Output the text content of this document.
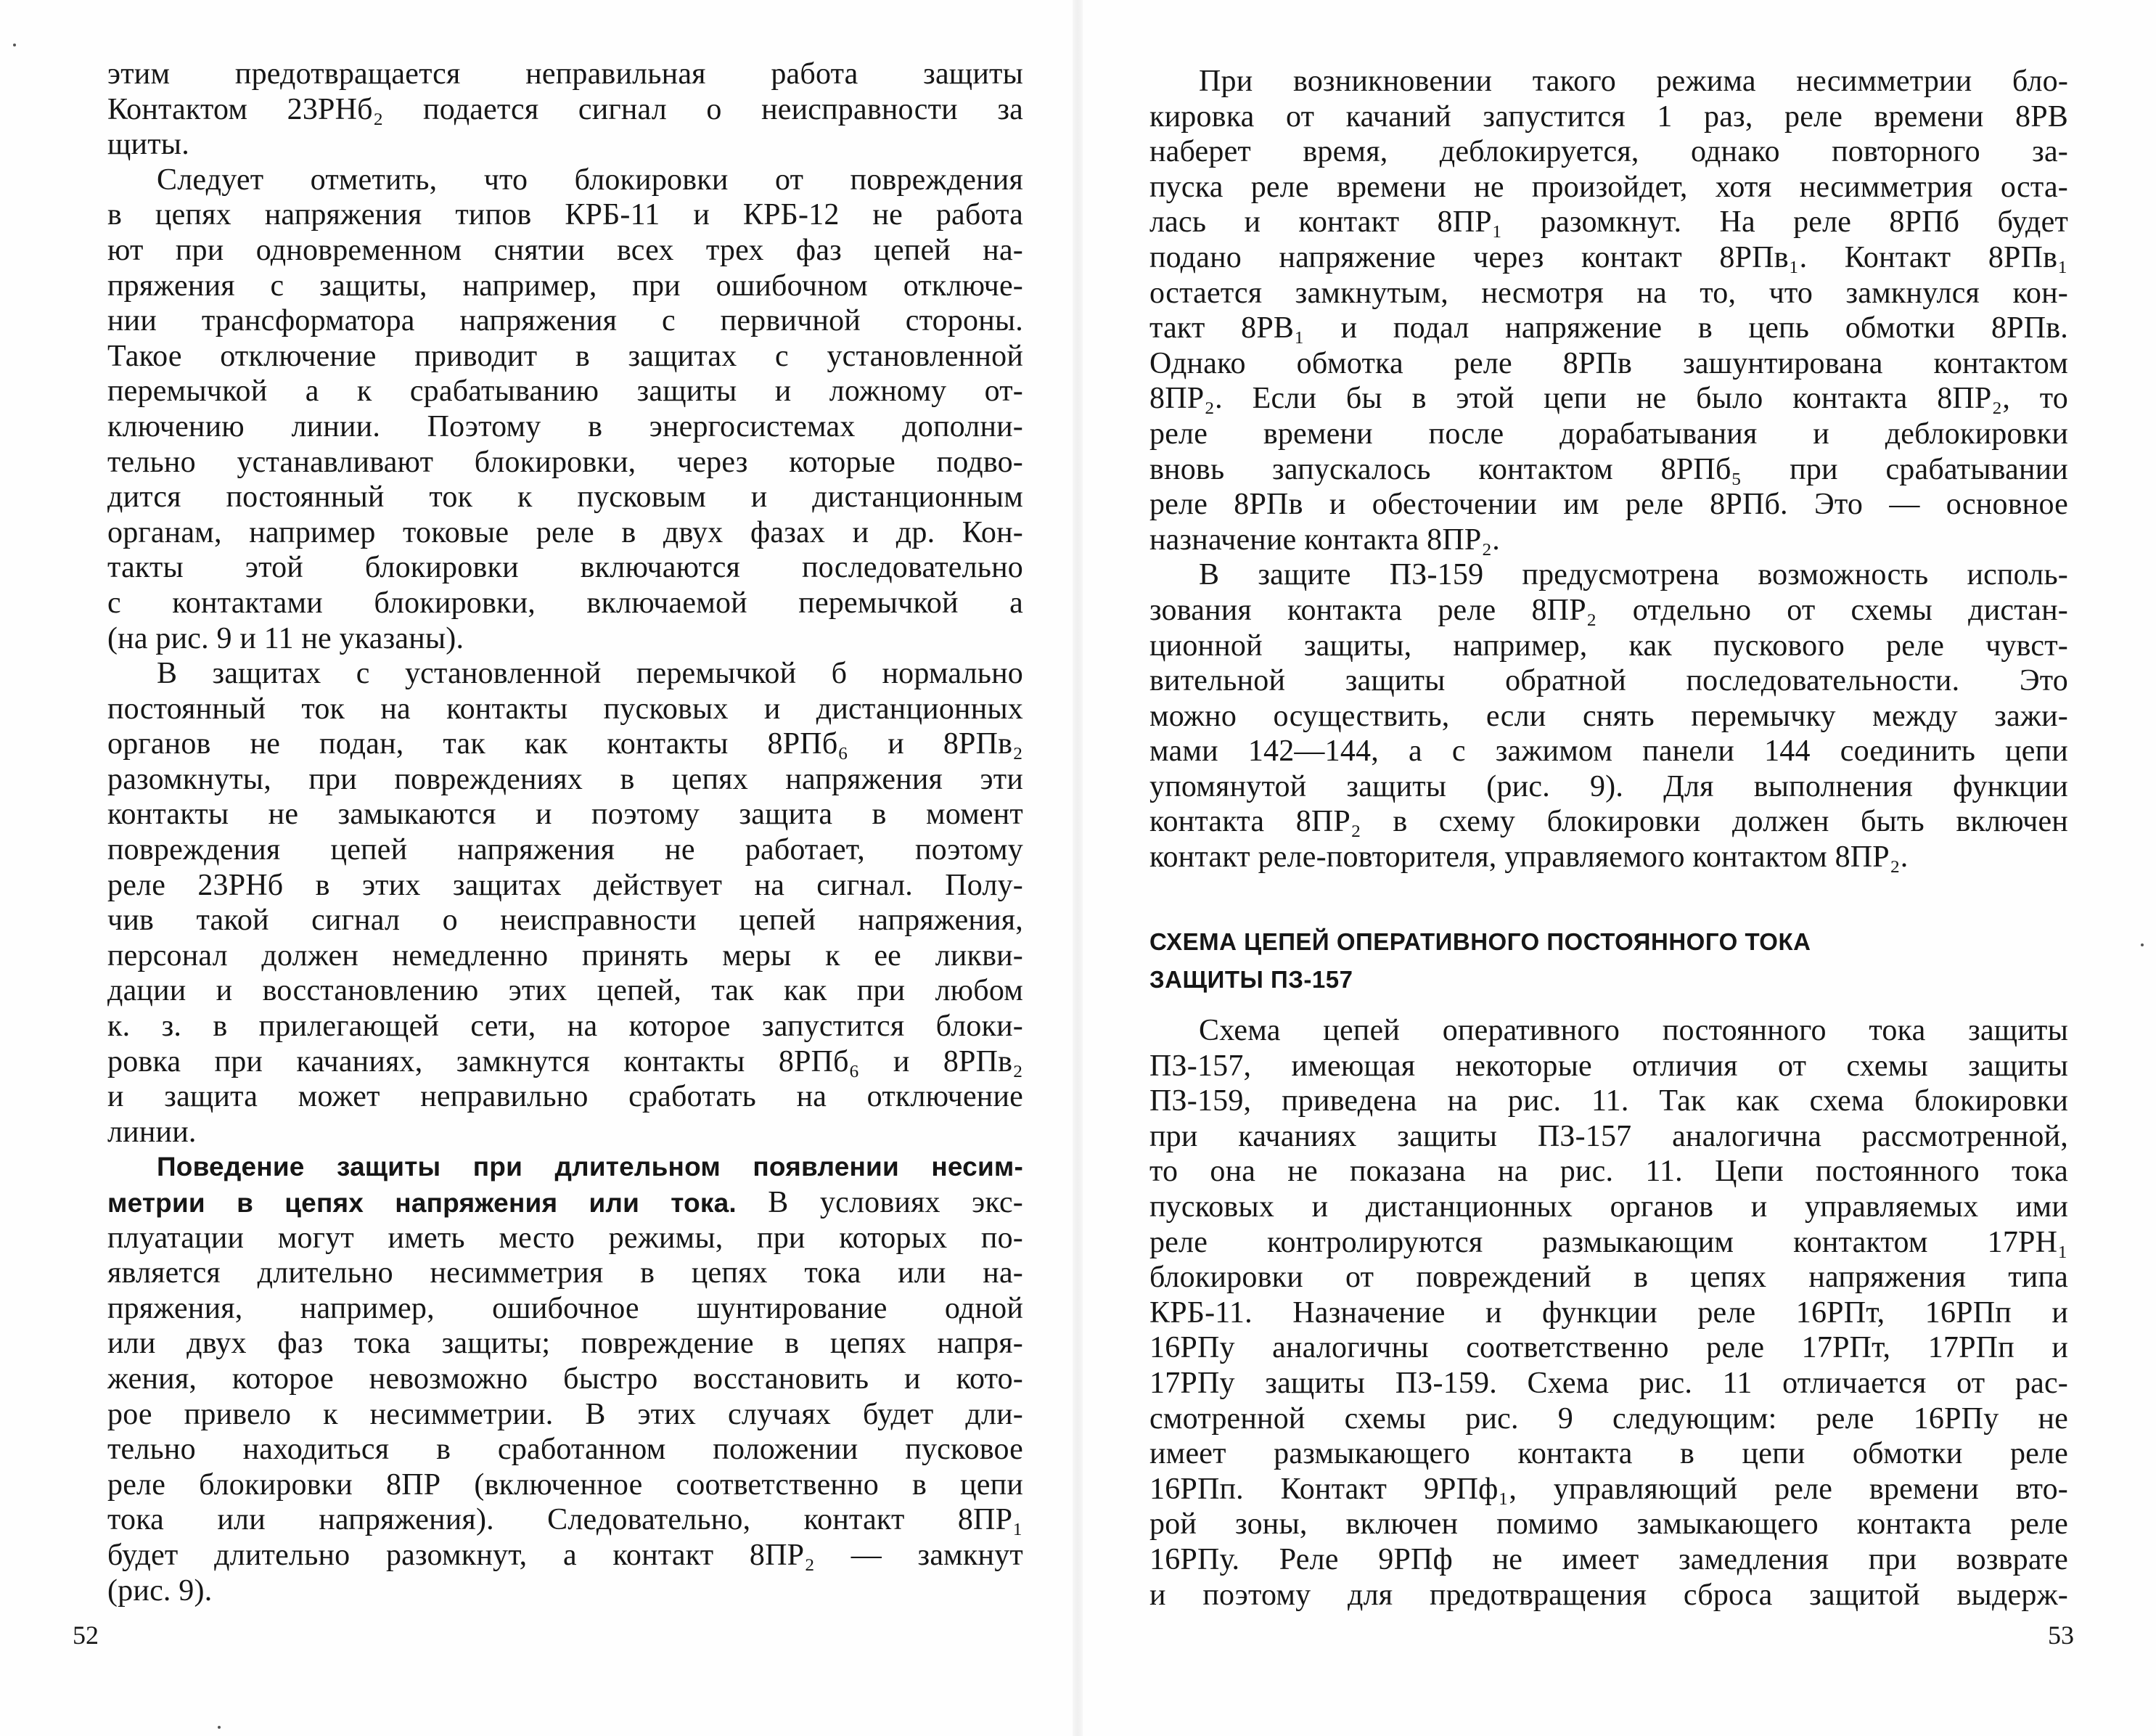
этим предотвращается неправильная работа защиты
Контактом 23РНб₂ подается сигнал о неисправности за
щиты.
Следует отметить, что блокировки от повреждения
в цепях напряжения типов КРБ-11 и КРБ-12 не работа
ют при одновременном снятии всех трех фаз цепей на-
пряжения с защиты, например, при ошибочном отключе-
нии трансформатора напряжения с первичной стороны.
Такое отключение приводит в защитах с установленной
перемычкой а к срабатыванию защиты и ложному от-
ключению линии. Поэтому в энергосистемах дополни-
тельно устанавливают блокировки, через которые подво-
дится постоянный ток к пусковым и дистанционным
органам, например токовые реле в двух фазах и др. Кон-
такты этой блокировки включаются последовательно
с контактами блокировки, включаемой перемычкой а
(на рис. 9 и 11 не указаны).
В защитах с установленной перемычкой б нормально
постоянный ток на контакты пусковых и дистанционных
органов не подан, так как контакты 8РПб₆ и 8РПв₂
разомкнуты, при повреждениях в цепях напряжения эти
контакты не замыкаются и поэтому защита в момент
повреждения цепей напряжения не работает, поэтому
реле 23РНб в этих защитах действует на сигнал. Полу-
чив такой сигнал о неисправности цепей напряжения,
персонал должен немедленно принять меры к ее ликви-
дации и восстановлению этих цепей, так как при любом
к. з. в прилегающей сети, на которое запустится блоки-
ровка при качаниях, замкнутся контакты 8РПб₆ и 8РПв₂
и защита может неправильно сработать на отключение
линии.
Поведение защиты при длительном появлении несим-
метрии в цепях напряжения или тока. В условиях экс-
плуатации могут иметь место режимы, при которых по-
является длительно несимметрия в цепях тока или на-
пряжения, например, ошибочное шунтирование одной
или двух фаз тока защиты; повреждение в цепях напря-
жения, которое невозможно быстро восстановить и кото-
рое привело к несимметрии. В этих случаях будет дли-
тельно находиться в сработанном положении пусковое
реле блокировки 8ПР (включенное соответственно в цепи
тока или напряжения). Следовательно, контакт 8ПР₁
будет длительно разомкнут, а контакт 8ПР₂ — замкнут
(рис. 9).
52
При возникновении такого режима несимметрии бло-
кировка от качаний запустится 1 раз, реле времени 8РВ
наберет время, деблокируется, однако повторного за-
пуска реле времени не произойдет, хотя несимметрия оста-
лась и контакт 8ПР₁ разомкнут. На реле 8РПб будет
подано напряжение через контакт 8РПв₁. Контакт 8РПв₁
остается замкнутым, несмотря на то, что замкнулся кон-
такт 8РВ₁ и подал напряжение в цепь обмотки 8РПв.
Однако обмотка реле 8РПв зашунтирована контактом
8ПР₂. Если бы в этой цепи не было контакта 8ПР₂, то
реле времени после дорабатывания и деблокировки
вновь запускалось контактом 8РПб₅ при срабатывании
реле 8РПв и обесточении им реле 8РПб. Это — основное
назначение контакта 8ПР₂.
В защите ПЗ-159 предусмотрена возможность исполь-
зования контакта реле 8ПР₂ отдельно от схемы дистан-
ционной защиты, например, как пускового реле чувст-
вительной защиты обратной последовательности. Это
можно осуществить, если снять перемычку между зажи-
мами 142—144, а с зажимом панели 144 соединить цепи
упомянутой защиты (рис. 9). Для выполнения функции
контакта 8ПР₂ в схему блокировки должен быть включен
контакт реле-повторителя, управляемого контактом 8ПР₂.
СХЕМА ЦЕПЕЙ ОПЕРАТИВНОГО ПОСТОЯННОГО ТОКА
ЗАЩИТЫ ПЗ-157
Схема цепей оперативного постоянного тока защиты
ПЗ-157, имеющая некоторые отличия от схемы защиты
ПЗ-159, приведена на рис. 11. Так как схема блокировки
при качаниях защиты ПЗ-157 аналогична рассмотренной,
то она не показана на рис. 11. Цепи постоянного тока
пусковых и дистанционных органов и управляемых ими
реле контролируются размыкающим контактом 17РН₁
блокировки от повреждений в цепях напряжения типа
КРБ-11. Назначение и функции реле 16РПт, 16РПп и
16РПу аналогичны соответственно реле 17РПт, 17РПп и
17РПу защиты ПЗ-159. Схема рис. 11 отличается от рас-
смотренной схемы рис. 9 следующим: реле 16РПу не
имеет размыкающего контакта в цепи обмотки реле
16РПп. Контакт 9РПф₁, управляющий реле времени вто-
рой зоны, включен помимо замыкающего контакта реле
16РПу. Реле 9РПф не имеет замедления при возврате
и поэтому для предотвращения сброса защитой выдерж-
53
